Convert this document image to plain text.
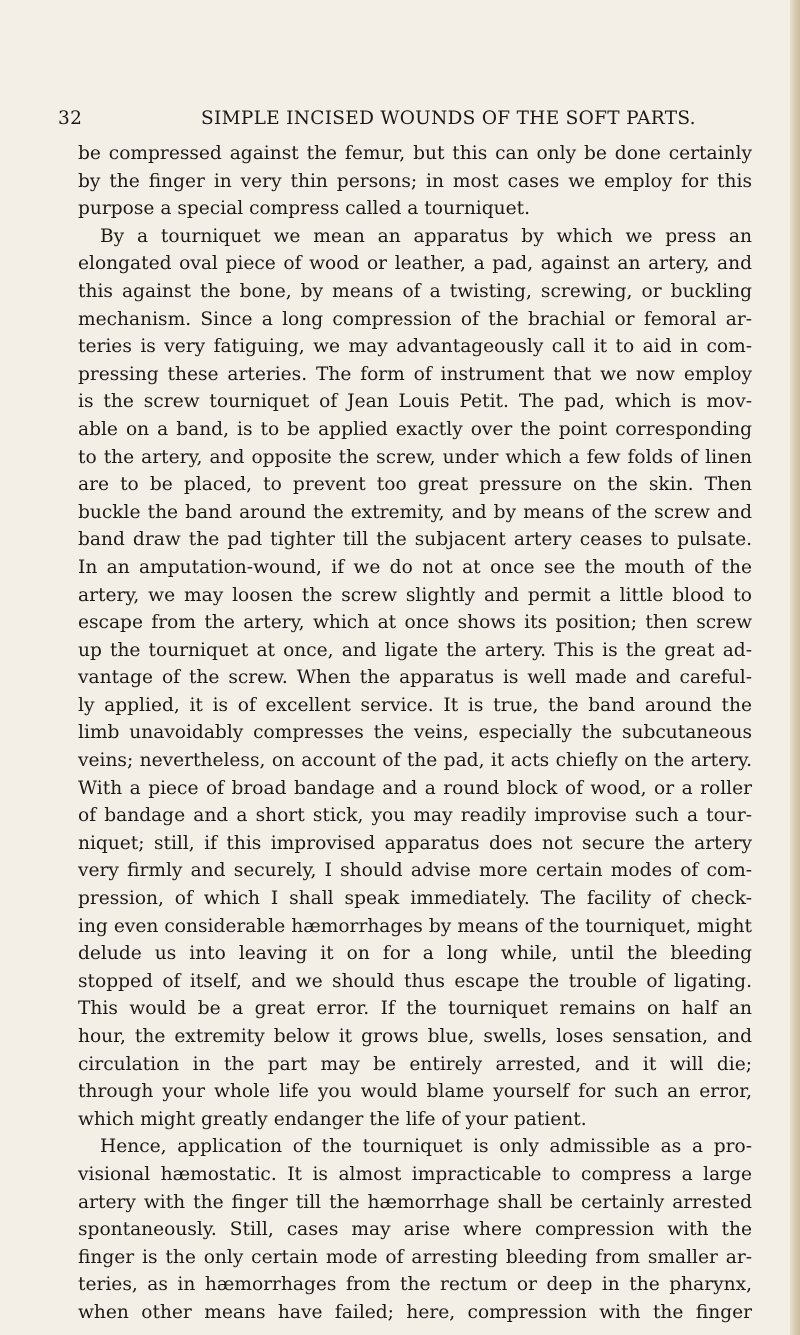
32	SIMPLE INCISED WOUNDS OF THE SOFT PARTS.
be compressed against the femur, but this can only be done certainly
by the finger in very thin persons; in most cases we employ for this
purpose a special compress called a tourniquet.
By a tourniquet we mean an apparatus by which we press an
elongated oval piece of wood or leather, a pad, against an artery, and
this against the bone, by means of a twisting, screwing, or buckling
mechanism. Since a long compression of the brachial or femoral ar-
teries is very fatiguing, we may advantageously call it to aid in com-
pressing these arteries. The form of instrument that we now employ
is the screw tourniquet of Jean Louis Petit. The pad, which is mov-
able on a band, is to be applied exactly over the point corresponding
to the artery, and opposite the screw, under which a few folds of linen
are to be placed, to prevent too great pressure on the skin. Then
buckle the band around the extremity, and by means of the screw and
band draw the pad tighter till the subjacent artery ceases to pulsate.
In an amputation-wound, if we do not at once see the mouth of the
artery, we may loosen the screw slightly and permit a little blood to
escape from the artery, which at once shows its position; then screw
up the tourniquet at once, and ligate the artery. This is the great ad-
vantage of the screw. When the apparatus is well made and careful-
ly applied, it is of excellent service. It is true, the band around the
limb unavoidably compresses the veins, especially the subcutaneous
veins; nevertheless, on account of the pad, it acts chiefly on the artery.
With a piece of broad bandage and a round block of wood, or a roller
of bandage and a short stick, you may readily improvise such a tour-
niquet; still, if this improvised apparatus does not secure the artery
very firmly and securely, I should advise more certain modes of com-
pression, of which I shall speak immediately. The facility of check-
ing even considerable hæmorrhages by means of the tourniquet, might
delude us into leaving it on for a long while, until the bleeding
stopped of itself, and we should thus escape the trouble of ligating.
This would be a great error. If the tourniquet remains on half an
hour, the extremity below it grows blue, swells, loses sensation, and
circulation in the part may be entirely arrested, and it will die;
through your whole life you would blame yourself for such an error,
which might greatly endanger the life of your patient.
Hence, application of the tourniquet is only admissible as a pro-
visional hæmostatic. It is almost impracticable to compress a large
artery with the finger till the hæmorrhage shall be certainly arrested
spontaneously. Still, cases may arise where compression with the
finger is the only certain mode of arresting bleeding from smaller ar-
teries, as in hæmorrhages from the rectum or deep in the pharynx,
when other means have failed; here, compression with the finger
